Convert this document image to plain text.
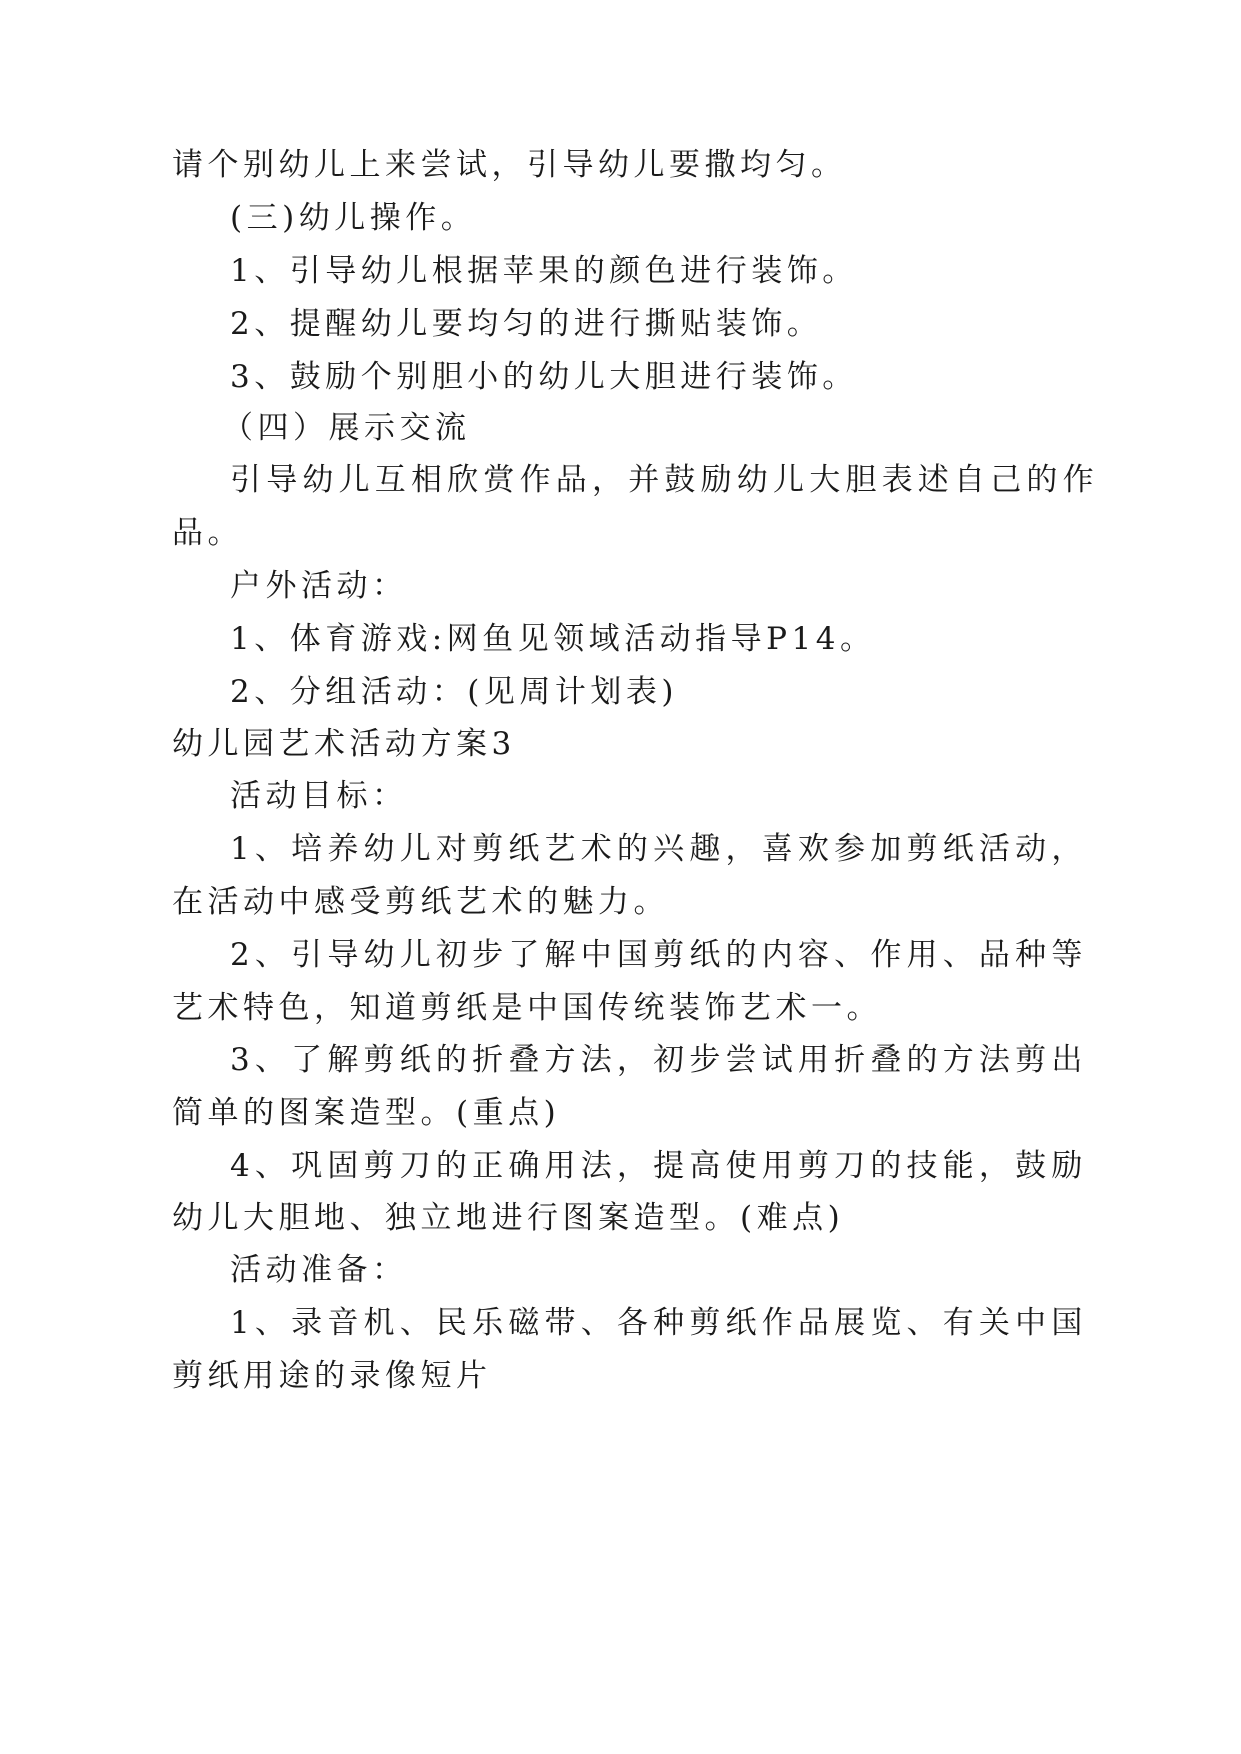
请个别幼儿上来尝试，引导幼儿要撒均匀。
(三)幼儿操作。
1、引导幼儿根据苹果的颜色进行装饰。
2、提醒幼儿要均匀的进行撕贴装饰。
3、鼓励个别胆小的幼儿大胆进行装饰。
（四）展示交流
引导幼儿互相欣赏作品，并鼓励幼儿大胆表述自己的作
品。
户外活动：
1、体育游戏:网鱼见领域活动指导P14。
2、分组活动：(见周计划表)
幼儿园艺术活动方案3
活动目标：
1、培养幼儿对剪纸艺术的兴趣，喜欢参加剪纸活动，
在活动中感受剪纸艺术的魅力。
2、引导幼儿初步了解中国剪纸的内容、作用、品种等
艺术特色，知道剪纸是中国传统装饰艺术一。
3、了解剪纸的折叠方法，初步尝试用折叠的方法剪出
简单的图案造型。(重点)
4、巩固剪刀的正确用法，提高使用剪刀的技能，鼓励
幼儿大胆地、独立地进行图案造型。(难点)
活动准备：
1、录音机、民乐磁带、各种剪纸作品展览、有关中国
剪纸用途的录像短片
